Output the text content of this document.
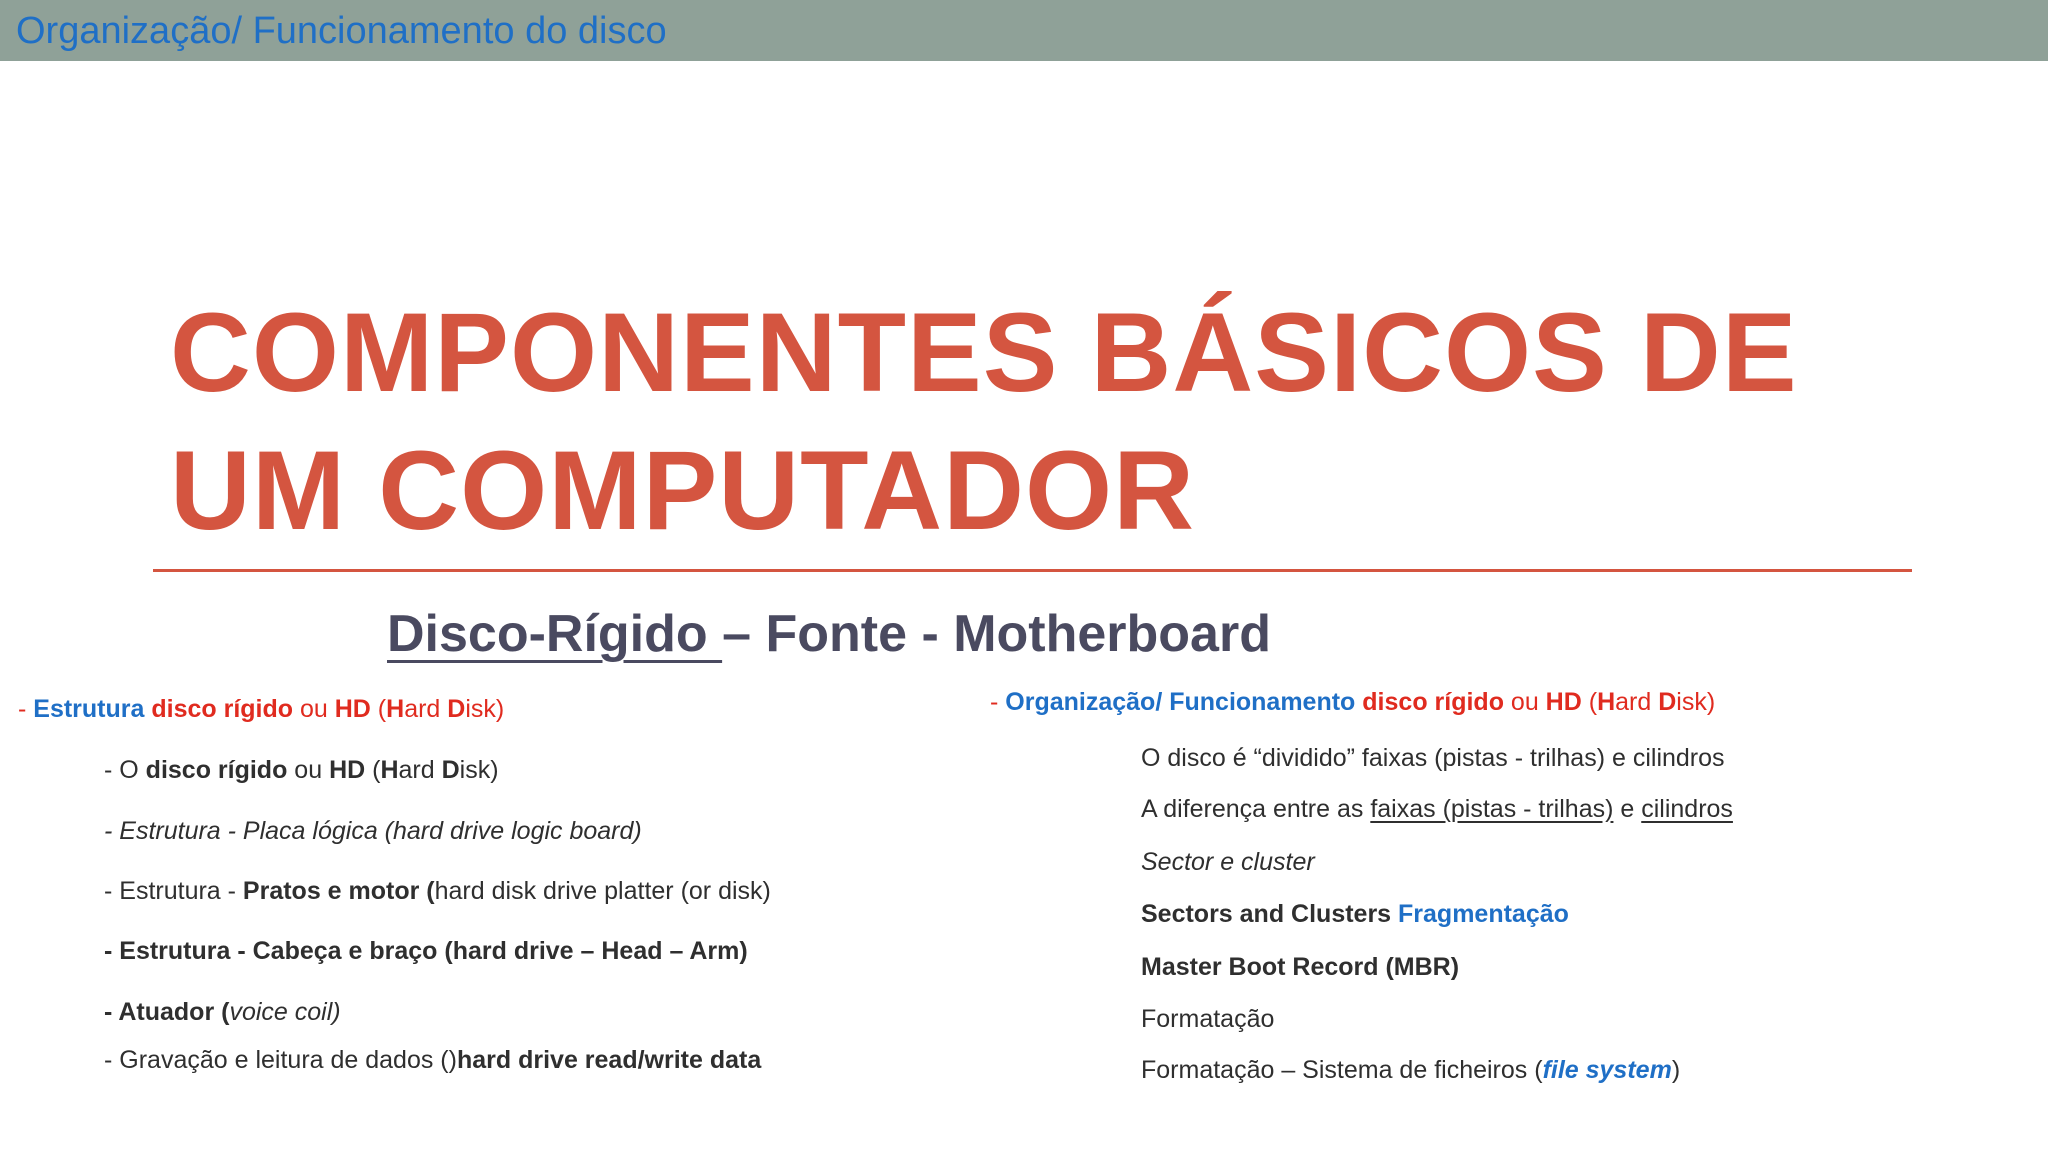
Organização/ Funcionamento do disco
COMPONENTES BÁSICOS DE
UM COMPUTADOR
Disco-Rígido – Fonte - Motherboard
- Estrutura disco rígido ou HD (Hard Disk)
- O disco rígido ou HD (Hard Disk)
- Estrutura - Placa lógica (hard drive logic board)
- Estrutura - Pratos e motor (hard disk drive platter (or disk)
- Estrutura - Cabeça e braço (hard drive – Head – Arm)
- Atuador (voice coil)
- Gravação e leitura de dados ()hard drive read/write data
- Organização/ Funcionamento disco rígido ou HD (Hard Disk)
O disco é “dividido” faixas (pistas - trilhas) e cilindros
A diferença entre as faixas (pistas - trilhas) e cilindros
Sector e cluster
Sectors and Clusters Fragmentação
Master Boot Record (MBR)
Formatação
Formatação – Sistema de ficheiros (file system)
